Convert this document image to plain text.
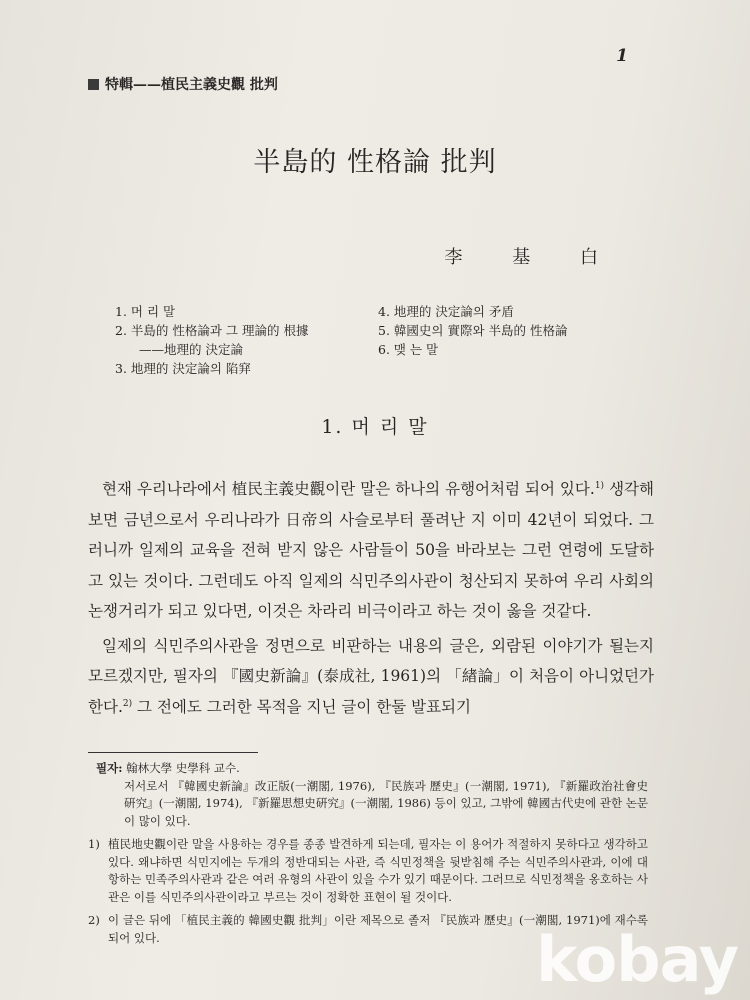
1
特輯——植民主義史觀 批判
半島的 性格論 批判
李 基 白
1. 머 리 말
2. 半島的 性格論과 그 理論的 根據
——地理的 決定論
3. 地理的 決定論의 陷穽
4. 地理的 決定論의 矛盾
5. 韓國史의 實際와 半島的 性格論
6. 맺 는 말
1. 머 리 말

현재 우리나라에서 植民主義史觀이란 말은 하나의 유행어처럼 되어 있다.$^{1)}$ 생각해 보면 금년으로서 우리나라가 日帝의 사슬로부터 풀려난 지 이미 42년이 되었다. 그러니까 일제의 교육을 전혀 받지 않은 사람들이 50을 바라보는 그런 연령에 도달하고 있는 것이다. 그런데도 아직 일제의 식민주의사관이 청산되지 못하여 우리 사회의 논쟁거리가 되고 있다면, 이것은 차라리 비극이라고 하는 것이 옳을 것같다.

일제의 식민주의사관을 정면으로 비판하는 내용의 글은, 외람된 이야기가 될는지 모르겠지만, 필자의 『國史新論』(泰成社, 1961)의 「緖論」이 처음이 아니었던가 한다.$^{2)}$ 그 전에도 그러한 목적을 지닌 글이 한둘 발표되기

필자: 翰林大學 史學科 교수.
저서로서 『韓國史新論』改正版(一潮閣, 1976), 『民族과 歷史』(一潮閣, 1971), 『新羅政治社會史硏究』(一潮閣, 1974), 『新羅思想史硏究』(一潮閣, 1986) 등이 있고, 그밖에 韓國古代史에 관한 논문이 많이 있다.
1) 植民地史觀이란 말을 사용하는 경우를 종종 발견하게 되는데, 필자는 이 용어가 적절하지 못하다고 생각하고 있다. 왜냐하면 식민지에는 두개의 정반대되는 사관, 즉 식민정책을 뒷받침해 주는 식민주의사관과, 이에 대항하는 민족주의사관과 같은 여러 유형의 사관이 있을 수가 있기 때문이다. 그러므로 식민정책을 옹호하는 사관은 이를 식민주의사관이라고 부르는 것이 정확한 표현이 될 것이다.
2) 이 글은 뒤에 「植民主義的 韓國史觀 批判」이란 제목으로 졸저 『民族과 歷史』(一潮閣, 1971)에 재수록되어 있다.	kobay
